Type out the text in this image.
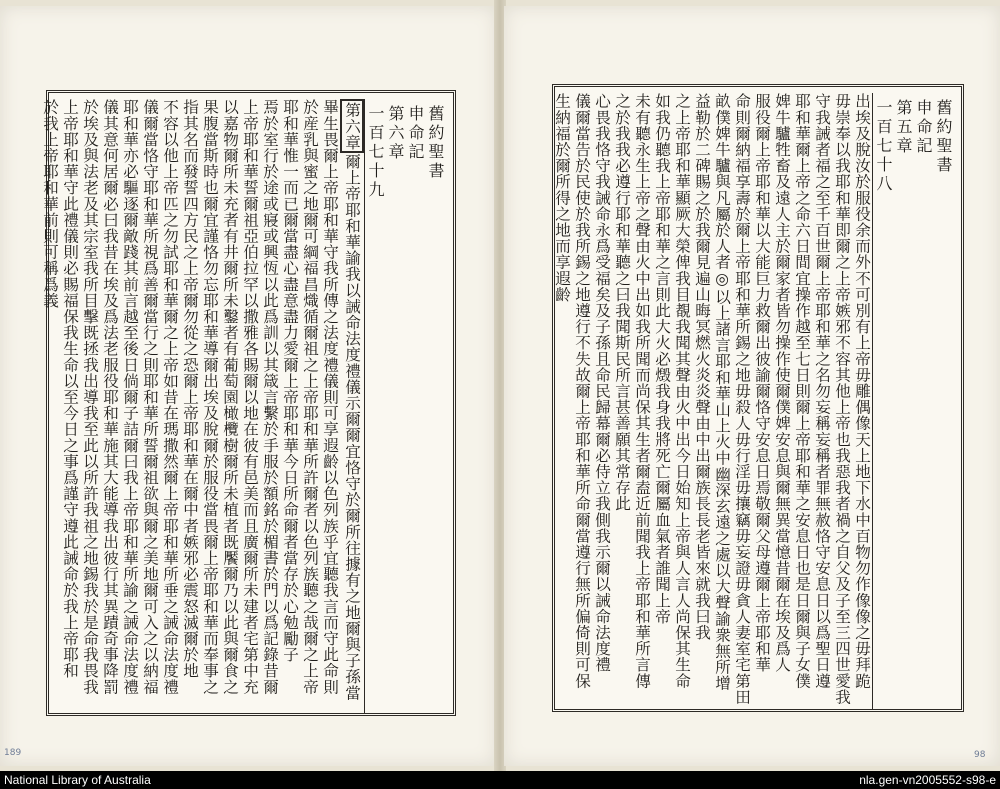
舊約聖書
申命記
第六章
一百七十九
第六章爾上帝耶和華諭我以誡命法度禮儀示爾爾宜恪守於爾所往據有之地爾與子孫當
畢生畏爾上帝耶和華守我所傳之法度禮儀則可享遐齡以色列族乎宜聽我言而守此命則
於産乳與蜜之地爾可綱福昌熾循爾祖之上帝耶和華所許爾者以色列族聽之哉爾之上帝
耶和華惟一而已爾當盡心盡意盡力愛爾上帝耶和華今日所命爾者當存於心勉勵子
焉於室行於途或寢或興恆以此爲訓以其箴言繫於手服於額銘於楣書於門以爲記錄昔爾
上帝耶和華誓爾祖亞伯拉罕以撒雅各賜爾以地在彼有邑美而且廣爾所未建者宅第中充
以嘉物爾所未充者有井爾所未鑿者有葡萄園橄欖樹爾所未植者既饜爾乃以此與爾食之
果腹當斯時也爾宜謹恪勿忘耶和華導爾出埃及脫爾於服役當畏爾上帝耶和華而奉事之
指其名而發誓四方民之上帝爾勿從之恐爾上帝耶和華在爾中者嫉邪必震怒滅爾於地
不容以他上帝匹之勿試耶和華爾之上帝如昔在瑪撒然爾上帝耶和華所垂之誡命法度禮
儀爾當恪守耶和華所視爲善爾當行之則耶和華所誓爾祖欲與爾之美地爾可入之以納福
耶和華亦必驅逐爾敵踐其前言越至後日倘爾子詰爾曰我上帝耶和華所諭之誡命法度禮
儀其意何居爾必曰我昔在埃及爲法老服役耶和華施其大能導我出彼行其異蹟奇事降罰
於埃及與法老及其宗室我所目擊既拯我出導我至此以所許我祖之地錫我於是命我畏我
上帝耶和華守此禮儀則必賜福保我生命以至今日之事爲謹守遵此誡命於我上帝耶和
於我上帝耶和華前則可稱爲義
189
舊約聖書
申命記
第五章
一百七十八
出埃及脫汝於服役余而外不可別有上帝毋雕偶像天上地下水中百物勿作像像之毋拜跪
毋崇奉以我耶和華即爾之上帝嫉邪不容其他上帝也我惡我者禍之自父及子至三四世愛我
守我誡者福之至千百世爾上帝耶和華之名勿妄稱妄稱者罪無赦恪守安息日以爲聖日遵
耶和華爾上帝之命六日間宜操作越至七日則爾上帝耶和華之安息日也是日爾與子女僕
婢牛驢牲畜及遠人主於爾家者皆勿操作使爾僕婢安息與爾無異當憶昔爾在埃及爲人
服役爾上帝耶和華以大能巨力救爾出彼諭爾恪守安息日焉敬爾父母遵爾上帝耶和華
命則爾納福享壽於爾上帝耶和華所錫之地毋殺人毋行淫毋攘竊毋妄證毋貪人妻室宅第田
畝僕婢牛驢與凡屬於人者◎以上諸言耶和華山上火中幽深玄遠之處以大聲諭衆無所增
益勒於二碑賜之於我爾見遍山晦冥燃火炎炎聲由中出爾族長長老皆來就我曰我
之上帝耶和華顯厥大榮俾我目覩我聞其聲由火中出今日始知上帝與人言人尚保其生命
如我仍聽我上帝耶和華之言則此大火必燬我身我將死亡爾屬血氣者誰聞上帝
未有聽永生上帝之聲由火中出如我所聞而尚保其生者爾盍近前聞我上帝耶和華所言傳
之於我我必遵行耶和華聽之曰我聞斯民所言甚善願其常存此
心畏我恪守我誡命永爲受福矣及子孫且命民歸幕爾必侍立我側我示爾以誡命法度禮
儀爾當告於民使於我所錫之地遵行不失故爾上帝耶和華所命爾當遵行無所偏倚則可保
生納福於爾所得之地而享遐齡
98
National Library of Australia	nla.gen-vn2005552-s98-e
